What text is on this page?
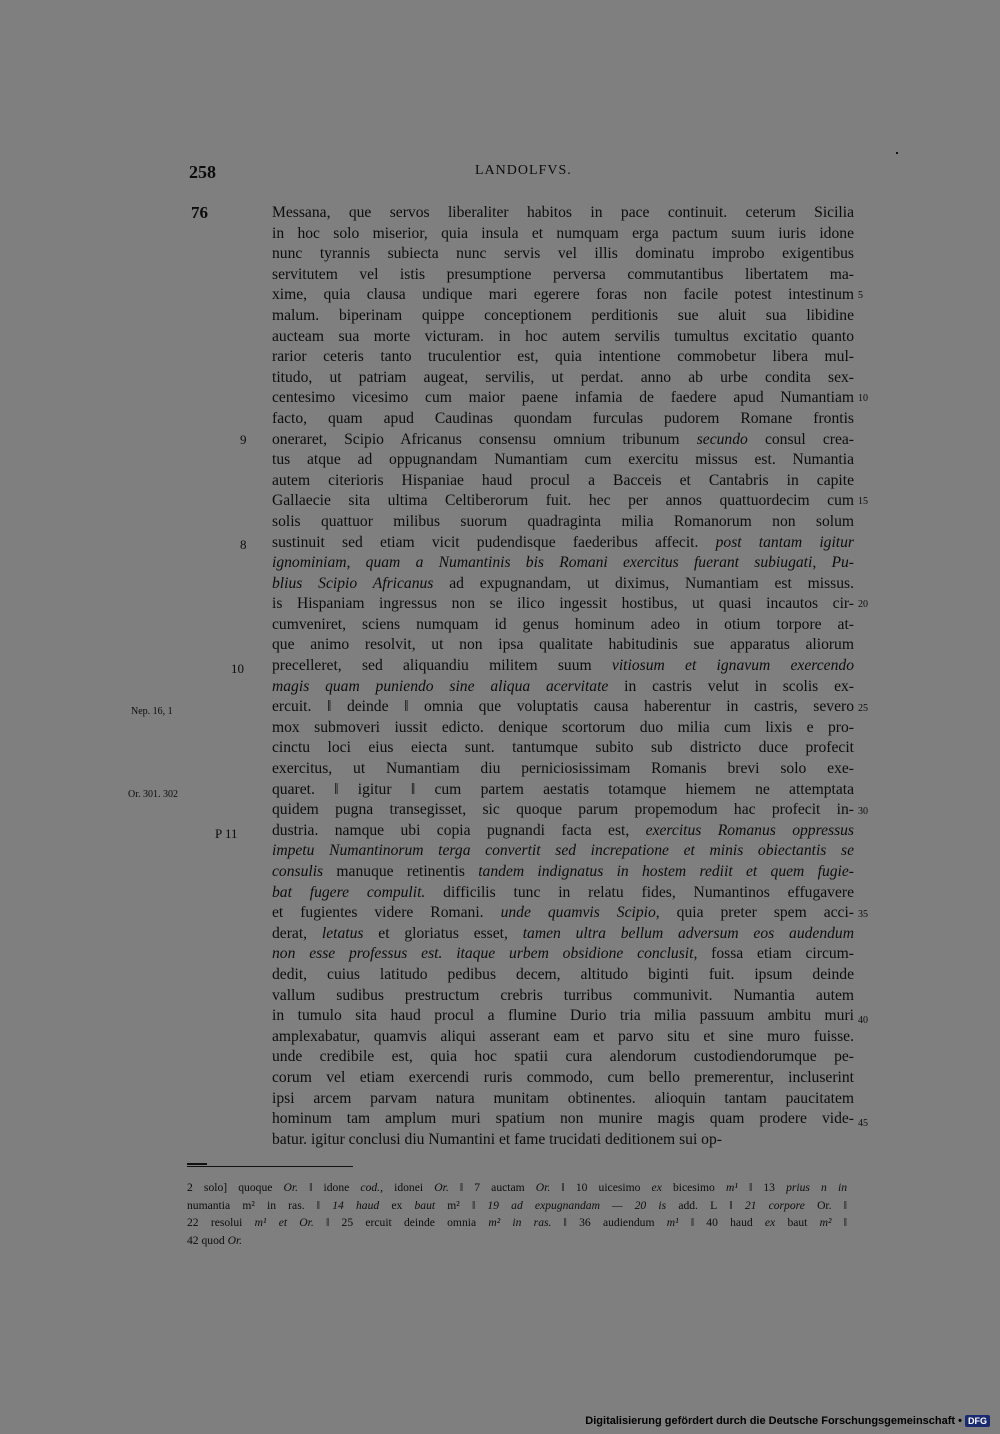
258	LANDOLFVS.
76	Messana, que servos liberaliter habitos in pace continuit. ceterum Sicilia
in hoc solo miserior, quia insula et numquam erga pactum suum iuris idone
nunc tyrannis subiecta nunc servis vel illis dominatu improbo exigentibus
servitutem vel istis presumptione perversa commutantibus libertatem ma-
xime, quia clausa undique mari egerere foras non facile potest intestinum
malum. biperinam quippe conceptionem perditionis sue aluit sua libidine
aucteam sua morte victuram. in hoc autem servilis tumultus excitatio quanto
rarior ceteris tanto truculentior est, quia intentione commobetur libera mul-
titudo, ut patriam augeat, servilis, ut perdat. anno ab urbe condita sex-
centesimo vicesimo cum maior paene infamia de faedere apud Numantiam
facto, quam apud Caudinas quondam furculas pudorem Romane frontis
oneraret, Scipio Africanus consensu omnium tribunum secundo consul crea-
tus atque ad oppugnandam Numantiam cum exercitu missus est. Numantia
autem citerioris Hispaniae haud procul a Bacceis et Cantabris in capite
Gallaecie sita ultima Celtiberorum fuit. hec per annos quattuordecim cum
solis quattuor milibus suorum quadraginta milia Romanorum non solum
sustinuit sed etiam vicit pudendisque faederibus affecit. post tantam igitur
ignominiam, quam a Numantinis bis Romani exercitus fuerant subiugati, Pu-
blius Scipio Africanus ad expugnandam, ut diximus, Numantiam est missus.
is Hispaniam ingressus non se ilico ingessit hostibus, ut quasi incautos cir-
cumveniret, sciens numquam id genus hominum adeo in otium torpore at-
que animo resolvit, ut non ipsa qualitate habitudinis sue apparatus aliorum
precelleret, sed aliquandiu militem suum vitiosum et ignavum exercendo
magis quam puniendo sine aliqua acervitate in castris velut in scolis ex-
ercuit. ‖ deinde ‖ omnia que voluptatis causa haberentur in castris, severo
mox submoveri iussit edicto. denique scortorum duo milia cum lixis e pro-
cinctu loci eius eiecta sunt. tantumque subito sub districto duce profecit
exercitus, ut Numantiam diu perniciosissimam Romanis brevi solo exe-
quaret. ‖ igitur ‖ cum partem aestatis totamque hiemem ne attemptata
quidem pugna transegisset, sic quoque parum propemodum hac profecit in-
dustria. namque ubi copia pugnandi facta est, exercitus Romanus oppressus
impetu Numantinorum terga convertit sed increpatione et minis obiectantis se
consulis manuque retinentis tandem indignatus in hostem rediit et quem fugie-
bat fugere compulit. difficilis tunc in relatu fides, Numantinos effugavere
et fugientes videre Romani. unde quamvis Scipio, quia preter spem acci-
derat, letatus et gloriatus esset, tamen ultra bellum adversum eos audendum
non esse professus est. itaque urbem obsidione conclusit, fossa etiam circum-
dedit, cuius latitudo pedibus decem, altitudo biginti fuit. ipsum deinde
vallum sudibus prestructum crebris turribus communivit. Numantia autem
in tumulo sita haud procul a flumine Durio tria milia passuum ambitu muri
amplexabatur, quamvis aliqui asserant eam et parvo situ et sine muro fuisse.
unde credibile est, quia hoc spatii cura alendorum custodiendorumque pe-
corum vel etiam exercendi ruris commodo, cum bello premerentur, incluserint
ipsi arcem parvam natura munitam obtinentes. alioquin tantam paucitatem
hominum tam amplum muri spatium non munire magis quam prodere vide-
batur. igitur conclusi diu Numantini et fame trucidati deditionem sui op-
5
10
15
20
25
30
35
40
45
9
8
10
P 11
Nep. 16, 1
Or. 301. 302
2 solo] quoque Or. ‖ idone cod., idonei Or. ‖ 7 auctam Or. ‖ 10 uicesimo ex bicesimo m¹ ‖ 13 prius n in
numantia m² in ras. ‖ 14 haud ex baut m² ‖ 19 ad expugnandam — 20 is add. L ‖ 21 corpore Or. ‖
22 resolui m¹ et Or. ‖ 25 ercuit deinde omnia m² in ras. ‖ 36 audiendum m¹ ‖ 40 haud ex baut m² ‖
42 quod Or.
Digitalisierung gefördert durch die Deutsche Forschungsgemeinschaft • DFG
